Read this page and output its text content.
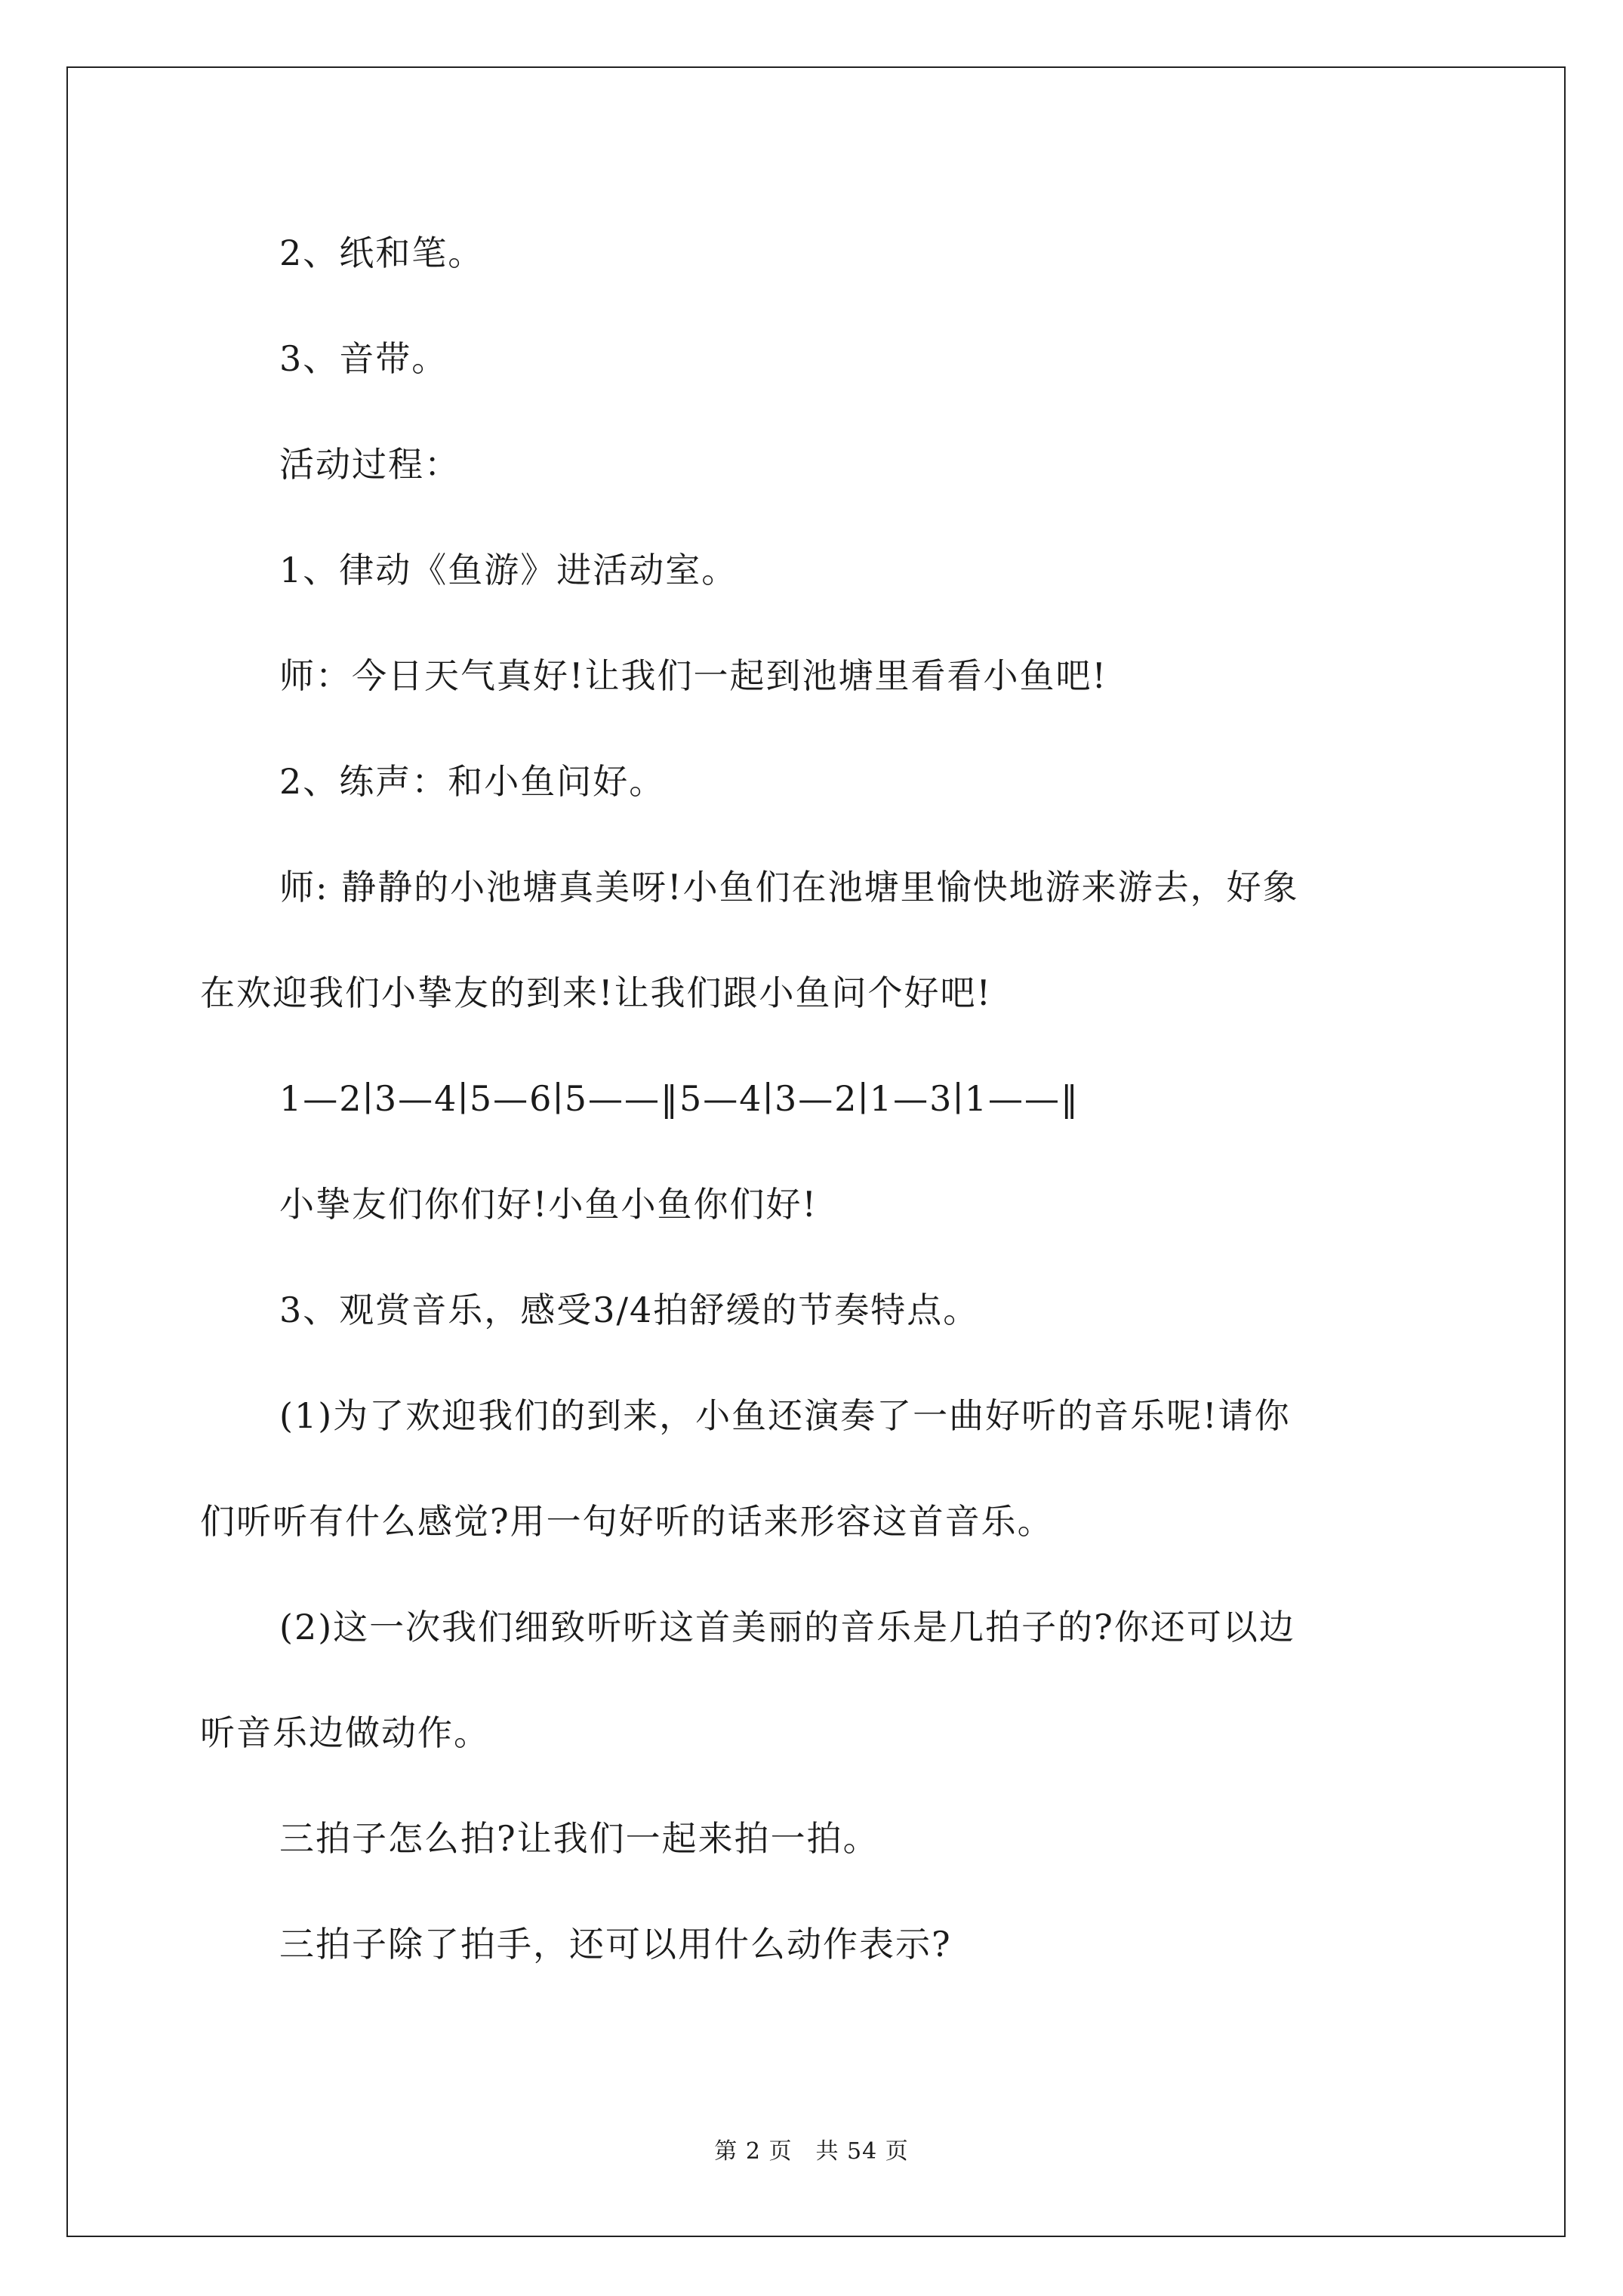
2、纸和笔。
3、音带。
活动过程：
1、律动《鱼游》进活动室。
师：今日天气真好!让我们一起到池塘里看看小鱼吧!
2、练声：和小鱼问好。
师: 静静的小池塘真美呀!小鱼们在池塘里愉快地游来游去，好象
在欢迎我们小挚友的到来!让我们跟小鱼问个好吧!
1—2∣3—4∣5—6∣5——‖5—4∣3—2∣1—3∣1——‖
小挚友们你们好!小鱼小鱼你们好!
3、观赏音乐，感受3/4拍舒缓的节奏特点。
(1)为了欢迎我们的到来，小鱼还演奏了一曲好听的音乐呢!请你
们听听有什么感觉?用一句好听的话来形容这首音乐。
(2)这一次我们细致听听这首美丽的音乐是几拍子的?你还可以边
听音乐边做动作。
三拍子怎么拍?让我们一起来拍一拍。
三拍子除了拍手，还可以用什么动作表示?
第 2 页　共 54 页
